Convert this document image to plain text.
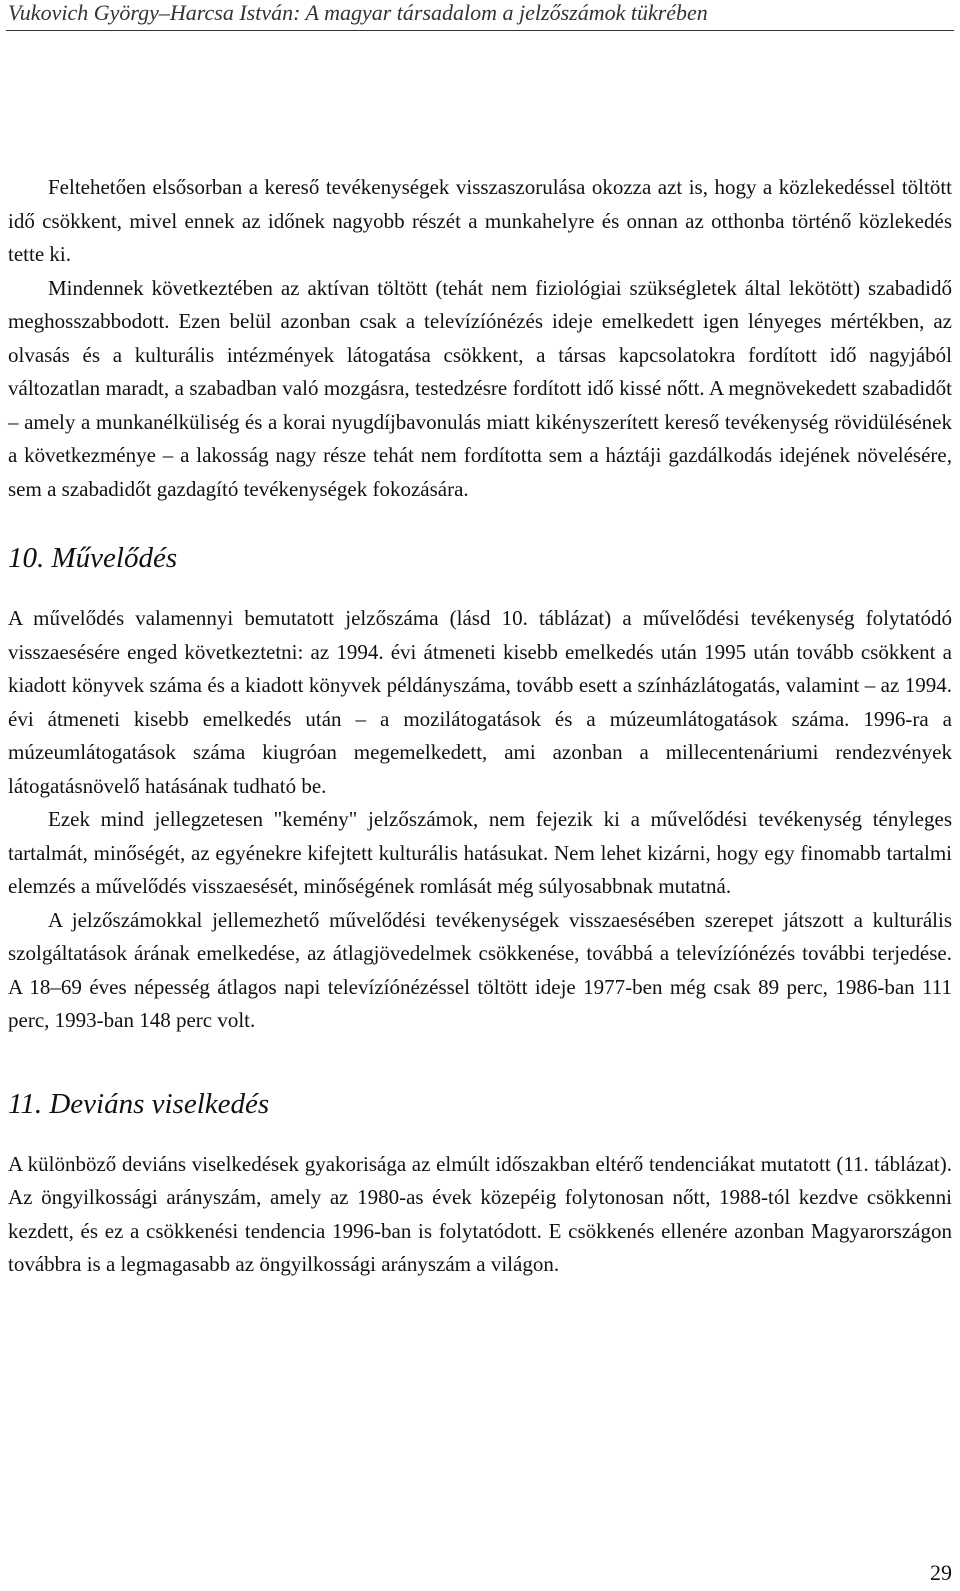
Vukovich György–Harcsa István: A magyar társadalom a jelzőszámok tükrében

Feltehetően elsősorban a kereső tevékenységek visszaszorulása okozza azt is, hogy a közlekedéssel töltött idő csökkent, mivel ennek az időnek nagyobb részét a munkahelyre és onnan az otthonba történő közlekedés tette ki.

Mindennek következtében az aktívan töltött (tehát nem fiziológiai szükségletek által lekötött) szabadidő meghosszabbodott. Ezen belül azonban csak a televízíónézés ideje emelkedett igen lényeges mértékben, az olvasás és a kulturális intézmények látogatása csökkent, a társas kapcsolatokra fordított idő nagyjából változatlan maradt, a szabadban való mozgásra, testedzésre fordított idő kissé nőtt. A megnövekedett szabadidőt – amely a munkanélküliség és a korai nyugdíjbavonulás miatt kikényszerített kereső tevékenység rövidülésének a következménye – a lakosság nagy része tehát nem fordította sem a háztáji gazdálkodás idejének növelésére, sem a szabadidőt gazdagító tevékenységek fokozására.

10. Művelődés

A művelődés valamennyi bemutatott jelzőszáma (lásd 10. táblázat) a művelődési tevékenység folytatódó visszaesésére enged következtetni: az 1994. évi átmeneti kisebb emelkedés után 1995 után tovább csökkent a kiadott könyvek száma és a kiadott könyvek példányszáma, tovább esett a színházlátogatás, valamint – az 1994. évi átmeneti kisebb emelkedés után – a mozilátogatások és a múzeumlátogatások száma. 1996-ra a múzeumlátogatások száma kiugróan megemelkedett, ami azonban a millecentenáriumi rendezvények látogatásnövelő hatásának tudható be.

Ezek mind jellegzetesen "kemény" jelzőszámok, nem fejezik ki a művelődési tevékenység tényleges tartalmát, minőségét, az egyénekre kifejtett kulturális hatásukat. Nem lehet kizárni, hogy egy finomabb tartalmi elemzés a művelődés visszaesését, minőségének romlását még súlyosabbnak mutatná.

A jelzőszámokkal jellemezhető művelődési tevékenységek visszaesésében szerepet játszott a kulturális szolgáltatások árának emelkedése, az átlagjövedelmek csökkenése, továbbá a televízíónézés további terjedése. A 18–69 éves népesség átlagos napi televízíónézéssel töltött ideje 1977-ben még csak 89 perc, 1986-ban 111 perc, 1993-ban 148 perc volt.

11. Deviáns viselkedés

A különböző deviáns viselkedések gyakorisága az elmúlt időszakban eltérő tendenciákat mutatott (11. táblázat). Az öngyilkossági arányszám, amely az 1980-as évek közepéig folytonosan nőtt, 1988-tól kezdve csökkenni kezdett, és ez a csökkenési tendencia 1996-ban is folytatódott. E csökkenés ellenére azonban Magyarországon továbbra is a legmagasabb az öngyilkossági arányszám a világon.

29
